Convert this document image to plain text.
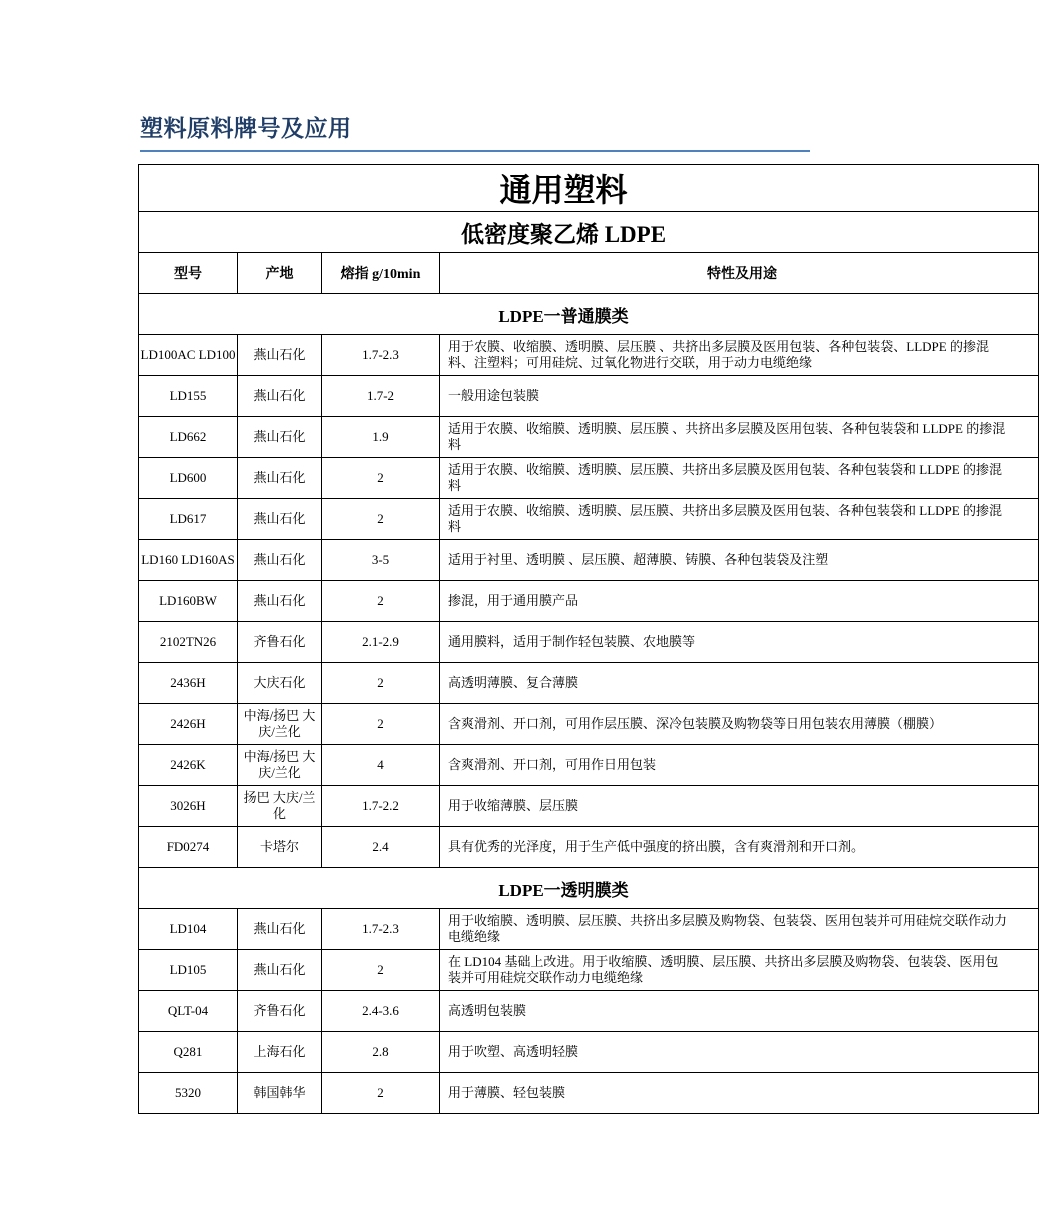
塑料原料牌号及应用
通用塑料			
低密度聚乙烯 LDPE			
型号	产地	熔指 g/10min	特性及用途
LDPE一普通膜类			
LD100AC LD100	燕山石化	1.7-2.3	用于农膜、收缩膜、透明膜、层压膜 、共挤出多层膜及医用包装、各种包装袋、LLDPE 的掺混料、注塑料；可用硅烷、过氧化物进行交联，用于动力电缆绝缘

LD155	燕山石化	1.7-2	一般用途包装膜

LD662	燕山石化	1.9	适用于农膜、收缩膜、透明膜、层压膜 、共挤出多层膜及医用包装、各种包装袋和 LLDPE 的掺混料

LD600	燕山石化	2	适用于农膜、收缩膜、透明膜、层压膜、共挤出多层膜及医用包装、各种包装袋和 LLDPE 的掺混料

LD617	燕山石化	2	适用于农膜、收缩膜、透明膜、层压膜、共挤出多层膜及医用包装、各种包装袋和 LLDPE 的掺混料

LD160 LD160AS	燕山石化	3-5	适用于衬里、透明膜 、层压膜、超薄膜、铸膜、各种包装袋及注塑

LD160BW	燕山石化	2	掺混，用于通用膜产品

2102TN26	齐鲁石化	2.1-2.9	通用膜料，适用于制作轻包装膜、农地膜等

2436H	大庆石化	2	高透明薄膜、复合薄膜

2426H	中海/扬巴 大庆/兰化	2	含爽滑剂、开口剂，可用作层压膜、深冷包装膜及购物袋等日用包装农用薄膜（棚膜）

2426K	中海/扬巴 大庆/兰化	4	含爽滑剂、开口剂，可用作日用包装

3026H	扬巴 大庆/兰化	1.7-2.2	用于收缩薄膜、层压膜

FD0274	卡塔尔	2.4	具有优秀的光泽度，用于生产低中强度的挤出膜，含有爽滑剂和开口剂。

LDPE一透明膜类			
LD104	燕山石化	1.7-2.3	用于收缩膜、透明膜、层压膜、共挤出多层膜及购物袋、包装袋、医用包装并可用硅烷交联作动力电缆绝缘

LD105	燕山石化	2	在 LD104 基础上改进。用于收缩膜、透明膜、层压膜、共挤出多层膜及购物袋、包装袋、医用包装并可用硅烷交联作动力电缆绝缘

QLT-04	齐鲁石化	2.4-3.6	高透明包装膜

Q281	上海石化	2.8	用于吹塑、高透明轻膜

5320	韩国韩华	2	用于薄膜、轻包装膜
